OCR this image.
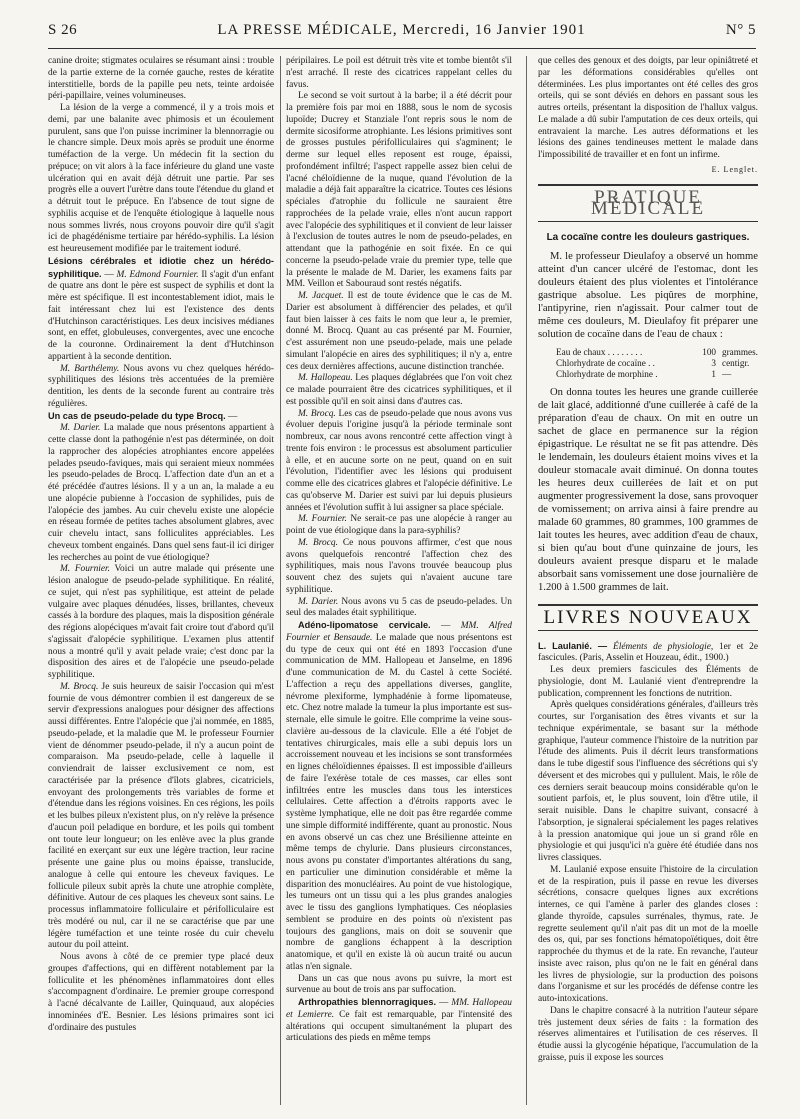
S 26	LA PRESSE MÉDICALE, Mercredi, 16 Janvier 1901	N° 5

canine droite; stigmates oculaires se résumant ainsi : trouble de la partie externe de la cornée gauche, restes de kératite interstitielle, bords de la papille peu nets, teinte ardoisée péri-papillaire, veines volumineuses.

La lésion de la verge a commencé, il y a trois mois et demi, par une balanite avec phimosis et un écoulement purulent, sans que l'on puisse incriminer la blennorragie ou le chancre simple. Deux mois après se produit une énorme tuméfaction de la verge. Un médecin fit la section du prépuce; on vit alors à la face inférieure du gland une vaste ulcération qui en avait déjà détruit une partie. Par ses progrès elle a ouvert l'urètre dans toute l'étendue du gland et a détruit tout le prépuce. En l'absence de tout signe de syphilis acquise et de l'enquête étiologique à laquelle nous nous sommes livrés, nous croyons pouvoir dire qu'il s'agit ici de phagédénisme tertiaire par hérédo-syphilis. La lésion est heureusement modifiée par le traitement ioduré.

Lésions cérébrales et idiotie chez un hérédo-syphilitique. — M. Edmond Fournier. Il s'agit d'un enfant de quatre ans dont le père est suspect de syphilis et dont la mère est spécifique. Il est incontestablement idiot, mais le fait intéressant chez lui est l'existence des dents d'Hutchinson caractéristiques. Les deux incisives médianes sont, en effet, globuleuses, convergentes, avec une encoche de la couronne. Ordinairement la dent d'Hutchinson appartient à la seconde dentition.

M. Barthélemy. Nous avons vu chez quelques hérédo-syphilitiques des lésions très accentuées de la première dentition, les dents de la seconde furent au contraire très régulières.

Un cas de pseudo-pelade du type Brocq. —

M. Darier. La malade que nous présentons appartient à cette classe dont la pathogénie n'est pas déterminée, on doit la rapprocher des alopécies atrophiantes encore appelées pelades pseudo-faviques, mais qui seraient mieux nommées les pseudo-pelades de Brocq. L'affection date d'un an et a été précédée d'autres lésions. Il y a un an, la malade a eu une alopécie pubienne à l'occasion de syphilides, puis de l'alopécie des jambes. Au cuir chevelu existe une alopécie en réseau formée de petites taches absolument glabres, avec cuir chevelu intact, sans folliculites appréciables. Les cheveux tombent engainés. Dans quel sens faut-il ici diriger les recherches au point de vue étiologique?

M. Fournier. Voici un autre malade qui présente une lésion analogue de pseudo-pelade syphilitique. En réalité, ce sujet, qui n'est pas syphilitique, est atteint de pelade vulgaire avec plaques dénudées, lisses, brillantes, cheveux cassés à la bordure des plaques, mais la disposition générale des régions alopéciques m'avait fait croire tout d'abord qu'il s'agissait d'alopécie syphilitique. L'examen plus attentif nous a montré qu'il y avait pelade vraie; c'est donc par la disposition des aires et de l'alopécie une pseudo-pelade syphilitique.

M. Brocq. Je suis heureux de saisir l'occasion qui m'est fournie de vous démontrer combien il est dangereux de se servir d'expressions analogues pour désigner des affections aussi différentes. Entre l'alopécie que j'ai nommée, en 1885, pseudo-pelade, et la maladie que M. le professeur Fournier vient de dénommer pseudo-pelade, il n'y a aucun point de comparaison. Ma pseudo-pelade, celle à laquelle il conviendrait de laisser exclusivement ce nom, est caractérisée par la présence d'îlots glabres, cicatriciels, envoyant des prolongements très variables de forme et d'étendue dans les régions voisines. En ces régions, les poils et les bulbes pileux n'existent plus, on n'y relève la présence d'aucun poil peladique en bordure, et les poils qui tombent ont toute leur longueur; on les enlève avec la plus grande facilité en exerçant sur eux une légère traction, leur racine présente une gaine plus ou moins épaisse, translucide, analogue à celle qui entoure les cheveux faviques. Le follicule pileux subit après la chute une atrophie complète, définitive. Autour de ces plaques les cheveux sont sains. Le processus inflammatoire folliculaire et périfolliculaire est très modéré ou nul, car il ne se caractérise que par une légère tuméfaction et une teinte rosée du cuir chevelu autour du poil atteint.

Nous avons à côté de ce premier type placé deux groupes d'affections, qui en diffèrent notablement par la folliculite et les phénomènes inflammatoires dont elles s'accompagnent d'ordinaire. Le premier groupe correspond à l'acné décalvante de Lailler, Quinquaud, aux alopécies innominées d'E. Besnier. Les lésions primaires sont ici d'ordinaire des pustules

péripilaires. Le poil est détruit très vite et tombe bientôt s'il n'est arraché. Il reste des cicatrices rappelant celles du favus.

Le second se voit surtout à la barbe; il a été décrit pour la première fois par moi en 1888, sous le nom de sycosis lupoïde; Ducrey et Stanziale l'ont repris sous le nom de dermite sicosiforme atrophiante. Les lésions primitives sont de grosses pustules périfolliculaires qui s'agminent; le derme sur lequel elles reposent est rouge, épaissi, profondément infiltré; l'aspect rappelle assez bien celui de l'acné chéloïdienne de la nuque, quand l'évolution de la maladie a déjà fait apparaître la cicatrice. Toutes ces lésions spéciales d'atrophie du follicule ne sauraient être rapprochées de la pelade vraie, elles n'ont aucun rapport avec l'alopécie des syphilitiques et il convient de leur laisser à l'exclusion de toutes autres le nom de pseudo-pelades, en attendant que la pathogénie en soit fixée. En ce qui concerne la pseudo-pelade vraie du premier type, telle que la présente le malade de M. Darier, les examens faits par MM. Veillon et Sabouraud sont restés négatifs.

M. Jacquet. Il est de toute évidence que le cas de M. Darier est absolument à différencier des pelades, et qu'il faut bien laisser à ces faits le nom que leur a, le premier, donné M. Brocq. Quant au cas présenté par M. Fournier, c'est assurément non une pseudo-pelade, mais une pelade simulant l'alopécie en aires des syphilitiques; il n'y a, entre ces deux dernières affections, aucune distinction tranchée.

M. Hallopeau. Les plaques déglabrées que l'on voit chez ce malade pourraient être des cicatrices syphilitiques, et il est possible qu'il en soit ainsi dans d'autres cas.

M. Brocq. Les cas de pseudo-pelade que nous avons vus évoluer depuis l'origine jusqu'à la période terminale sont nombreux, car nous avons rencontré cette affection vingt à trente fois environ : le processus est absolument particulier à elle, et en aucune sorte on ne peut, quand on en suit l'évolution, l'identifier avec les lésions qui produisent comme elle des cicatrices glabres et l'alopécie définitive. Le cas qu'observe M. Darier est suivi par lui depuis plusieurs années et l'évolution suffit à lui assigner sa place spéciale.

M. Fournier. Ne serait-ce pas une alopécie à ranger au point de vue étiologique dans la para-syphilis?

M. Brocq. Ce nous pouvons affirmer, c'est que nous avons quelquefois rencontré l'affection chez des syphilitiques, mais nous l'avons trouvée beaucoup plus souvent chez des sujets qui n'avaient aucune tare syphilitique.

M. Darier. Nous avons vu 5 cas de pseudo-pelades. Un seul des malades était syphilitique.

Adéno-lipomatose cervicale. — MM. Alfred Fournier et Bensaude. Le malade que nous présentons est du type de ceux qui ont été en 1893 l'occasion d'une communication de MM. Hallopeau et Janselme, en 1896 d'une communication de M. du Castel à cette Société. L'affection a reçu des appellations diverses, ganglite, névrome plexiforme, lymphadénie à forme lipomateuse, etc. Chez notre malade la tumeur la plus importante est sus-sternale, elle simule le goitre. Elle comprime la veine sous-clavière au-dessous de la clavicule. Elle a été l'objet de tentatives chirurgicales, mais elle a subi depuis lors un accroissement nouveau et les incisions se sont transformées en lignes chéloïdiennes épaisses. Il est impossible d'ailleurs de faire l'exérèse totale de ces masses, car elles sont infiltrées entre les muscles dans tous les interstices cellulaires. Cette affection a d'étroits rapports avec le système lymphatique, elle ne doit pas être regardée comme une simple difformité indifférente, quant au pronostic. Nous en avons observé un cas chez une Brésilienne atteinte en même temps de chylurie. Dans plusieurs circonstances, nous avons pu constater d'importantes altérations du sang, en particulier une diminution considérable et même la disparition des monucléaires. Au point de vue histologique, les tumeurs ont un tissu qui a les plus grandes analogies avec le tissu des ganglions lymphatiques. Ces néoplasies semblent se produire en des points où n'existent pas toujours des ganglions, mais on doit se souvenir que nombre de ganglions échappent à la description anatomique, et qu'il en existe là où aucun traité ou aucun atlas n'en signale.

Dans un cas que nous avons pu suivre, la mort est survenue au bout de trois ans par suffocation.

Arthropathies blennorragiques. — MM. Hallopeau et Lemierre. Ce fait est remarquable, par l'intensité des altérations qui occupent simultanément la plupart des articulations des pieds en même temps

que celles des genoux et des doigts, par leur opiniâtreté et par les déformations considérables qu'elles ont déterminées. Les plus importantes ont été celles des gros orteils, qui se sont déviés en dehors en passant sous les autres orteils, présentant la disposition de l'hallux valgus. Le malade a dû subir l'amputation de ces deux orteils, qui entravaient la marche. Les autres déformations et les lésions des gaines tendineuses mettent le malade dans l'impossibilité de travailler et en font un infirme.

E. Lenglet.
PRATIQUE MÉDICALE
La cocaïne contre les douleurs gastriques.

M. le professeur Dieulafoy a observé un homme atteint d'un cancer ulcéré de l'estomac, dont les douleurs étaient des plus violentes et l'intolérance gastrique absolue. Les piqûres de morphine, l'antipyrine, rien n'agissait. Pour calmer tout de même ces douleurs, M. Dieulafoy fit préparer une solution de cocaïne dans de l'eau de chaux :

Eau de chaux . . . . . . . .	100 grammes.
Chlorhydrate de cocaïne . .	3 centigr.
Chlorhydrate de morphine .	1 —

On donna toutes les heures une grande cuillerée de lait glacé, additionné d'une cuillerée à café de la préparation d'eau de chaux. On mit en outre un sachet de glace en permanence sur la région épigastrique. Le résultat ne se fit pas attendre. Dès le lendemain, les douleurs étaient moins vives et la douleur stomacale avait diminué. On donna toutes les heures deux cuillerées de lait et on put augmenter progressivement la dose, sans provoquer de vomissement; on arriva ainsi à faire prendre au malade 60 grammes, 80 grammes, 100 grammes de lait toutes les heures, avec addition d'eau de chaux, si bien qu'au bout d'une quinzaine de jours, les douleurs avaient presque disparu et le malade absorbait sans vomissement une dose journalière de 1.200 à 1.500 grammes de lait.

LIVRES NOUVEAUX

L. Laulanié. — Éléments de physiologie, 1er et 2e fascicules. (Paris, Asselin et Houzeau, édit., 1900.)

Les deux premiers fascicules des Éléments de physiologie, dont M. Laulanié vient d'entreprendre la publication, comprennent les fonctions de nutrition.

Après quelques considérations générales, d'ailleurs très courtes, sur l'organisation des êtres vivants et sur la technique expérimentale, se basant sur la méthode graphique, l'auteur commence l'histoire de la nutrition par l'étude des aliments. Puis il décrit leurs transformations dans le tube digestif sous l'influence des sécrétions qui s'y déversent et des microbes qui y pullulent. Mais, le rôle de ces derniers serait beaucoup moins considérable qu'on le soutient parfois, et, le plus souvent, loin d'être utile, il serait nuisible. Dans le chapitre suivant, consacré à l'absorption, je signalerai spécialement les pages relatives à la pression anatomique qui joue un si grand rôle en physiologie et qui jusqu'ici n'a guère été étudiée dans nos livres classiques.

M. Laulanié expose ensuite l'histoire de la circulation et de la respiration, puis il passe en revue les diverses sécrétions, consacre quelques lignes aux excrétions internes, ce qui l'amène à parler des glandes closes : glande thyroïde, capsules surrénales, thymus, rate. Je regrette seulement qu'il n'ait pas dit un mot de la moelle des os, qui, par ses fonctions hématopoïétiques, doit être rapprochée du thymus et de la rate. En revanche, l'auteur insiste avec raison, plus qu'on ne le fait en général dans les livres de physiologie, sur la production des poisons dans l'organisme et sur les procédés de défense contre les auto-intoxications.

Dans le chapitre consacré à la nutrition l'auteur sépare très justement deux séries de faits : la formation des réserves alimentaires et l'utilisation de ces réserves. Il étudie aussi la glycogénie hépatique, l'accumulation de la graisse, puis il expose les sources
